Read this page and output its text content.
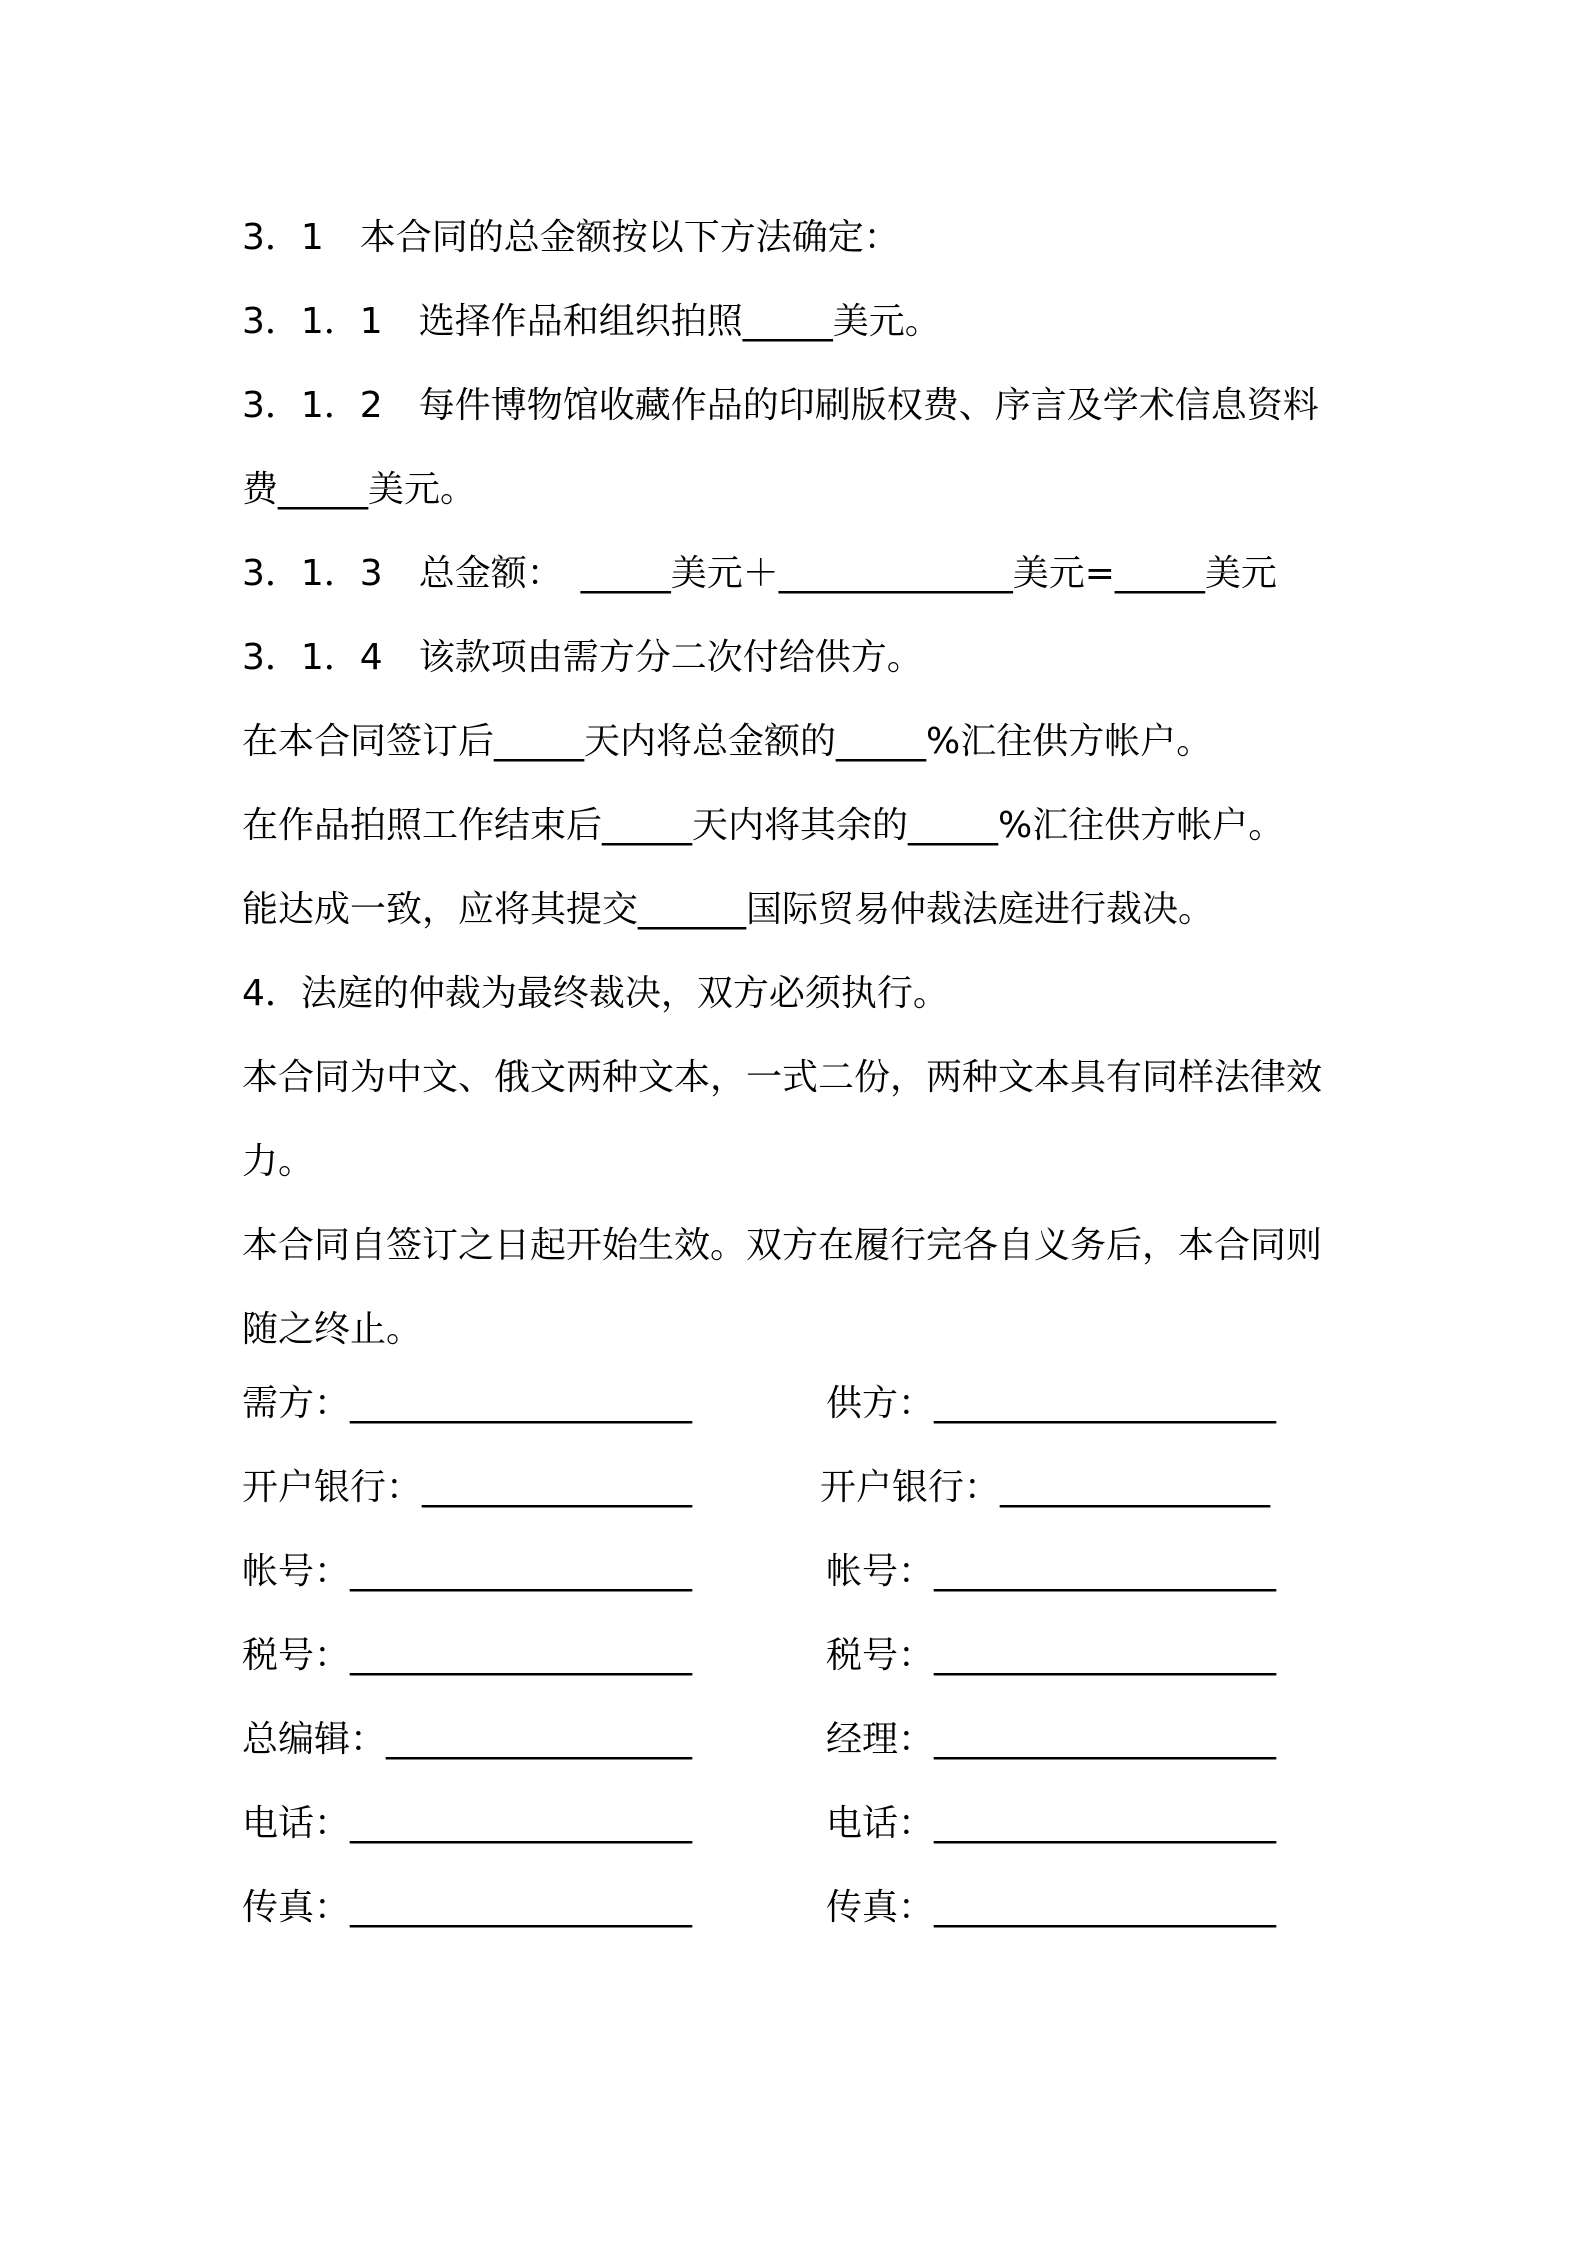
3．1　本合同的总金额按以下方法确定：
3．1．1　选择作品和组织拍照_____美元。
3．1．2　每件博物馆收藏作品的印刷版权费、序言及学术信息资料
费_____美元。
3．1．3　总金额：　_____美元＋_____________美元=_____美元
3．1．4　该款项由需方分二次付给供方。
在本合同签订后_____天内将总金额的_____%汇往供方帐户。
在作品拍照工作结束后_____天内将其余的_____%汇往供方帐户。
能达成一致，应将其提交______国际贸易仲裁法庭进行裁决。
4．法庭的仲裁为最终裁决，双方必须执行。
本合同为中文、俄文两种文本，一式二份，两种文本具有同样法律效
力。
本合同自签订之日起开始生效。双方在履行完各自义务后，本合同则
随之终止。
需方：___________________	供方：___________________
开户银行：_______________	开户银行：_______________
帐号：___________________	帐号：___________________
税号：___________________	税号：___________________
总编辑：_________________	经理：___________________
电话：___________________	电话：___________________
传真：___________________	传真：___________________
